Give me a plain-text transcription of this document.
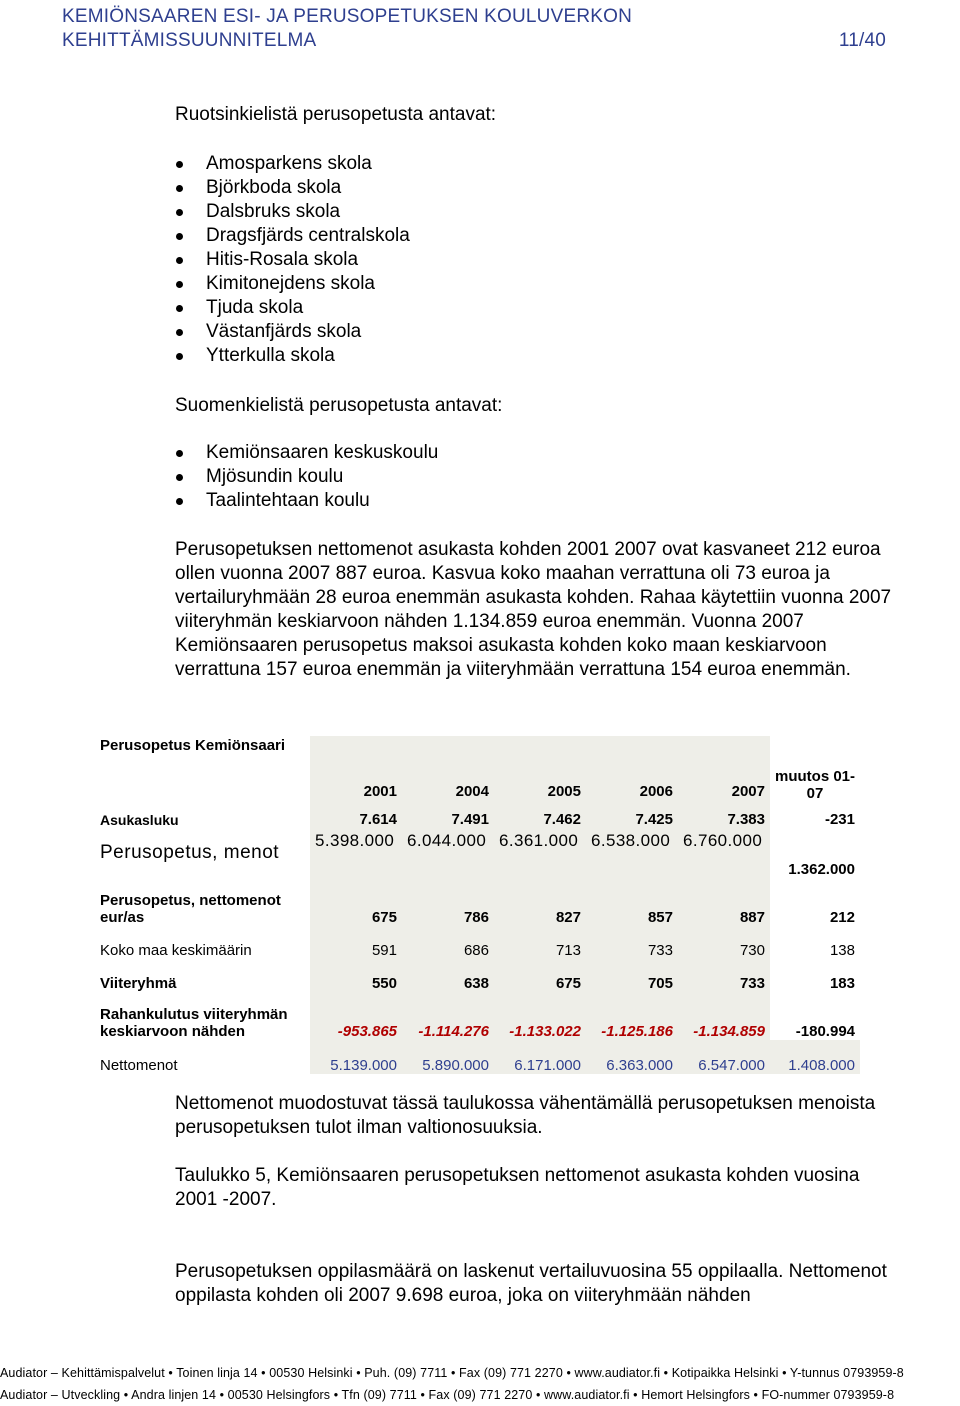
KEMIÖNSAAREN ESI- JA PERUSOPETUKSEN KOULUVERKON
KEHITTÄMISSUUNNITELMA	11/40
Ruotsinkielistä perusopetusta antavat:
Amosparkens skola
Björkboda skola
Dalsbruks skola
Dragsfjärds centralskola
Hitis-Rosala skola
Kimitonejdens skola
Tjuda skola
Västanfjärds skola
Ytterkulla skola
Suomenkielistä perusopetusta antavat:
Kemiönsaaren keskuskoulu
Mjösundin koulu
Taalintehtaan koulu
Perusopetuksen nettomenot asukasta kohden 2001 2007 ovat kasvaneet 212 euroa ollen vuonna 2007 887 euroa. Kasvua koko maahan verrattuna oli 73 euroa ja vertailuryhmään 28 euroa enemmän asukasta kohden. Rahaa käytettiin vuonna 2007 viiteryhmän keskiarvoon nähden 1.134.859 euroa enemmän. Vuonna 2007 Kemiönsaaren perusopetus maksoi asukasta kohden koko maan keskiarvoon verrattuna 157 euroa enemmän ja viiteryhmään verrattuna 154 euroa enemmän.
Perusopetus Kemiönsaari	2001	2004	2005	2006	2007	muutos 01-07
Asukasluku	7.614	7.491	7.462	7.425	7.383	-231
Perusopetus, menot	5.398.000	6.044.000	6.361.000	6.538.000	6.760.000	1.362.000
Perusopetus, nettomenot eur/as	675	786	827	857	887	212
Koko maa keskimäärin	591	686	713	733	730	138
Viiteryhmä	550	638	675	705	733	183
Rahankulutus viiteryhmän keskiarvoon nähden	-953.865	-1.114.276	-1.133.022	-1.125.186	-1.134.859	-180.994
Nettomenot	5.139.000	5.890.000	6.171.000	6.363.000	6.547.000	1.408.000
Nettomenot muodostuvat tässä taulukossa vähentämällä perusopetuksen menoista perusopetuksen tulot ilman valtionosuuksia.
Taulukko 5, Kemiönsaaren perusopetuksen nettomenot asukasta kohden vuosina 2001 -2007.
Perusopetuksen oppilasmäärä on laskenut vertailuvuosina 55 oppilaalla. Nettomenot oppilasta kohden oli 2007 9.698 euroa, joka on viiteryhmään nähden
Audiator – Kehittämispalvelut • Toinen linja 14 • 00530 Helsinki • Puh. (09) 7711 • Fax (09) 771 2270 • www.audiator.fi • Kotipaikka Helsinki • Y-tunnus 0793959-8
Audiator – Utveckling • Andra linjen 14 • 00530 Helsingfors • Tfn (09) 7711 • Fax (09) 771 2270 • www.audiator.fi • Hemort Helsingfors • FO-nummer 0793959-8
